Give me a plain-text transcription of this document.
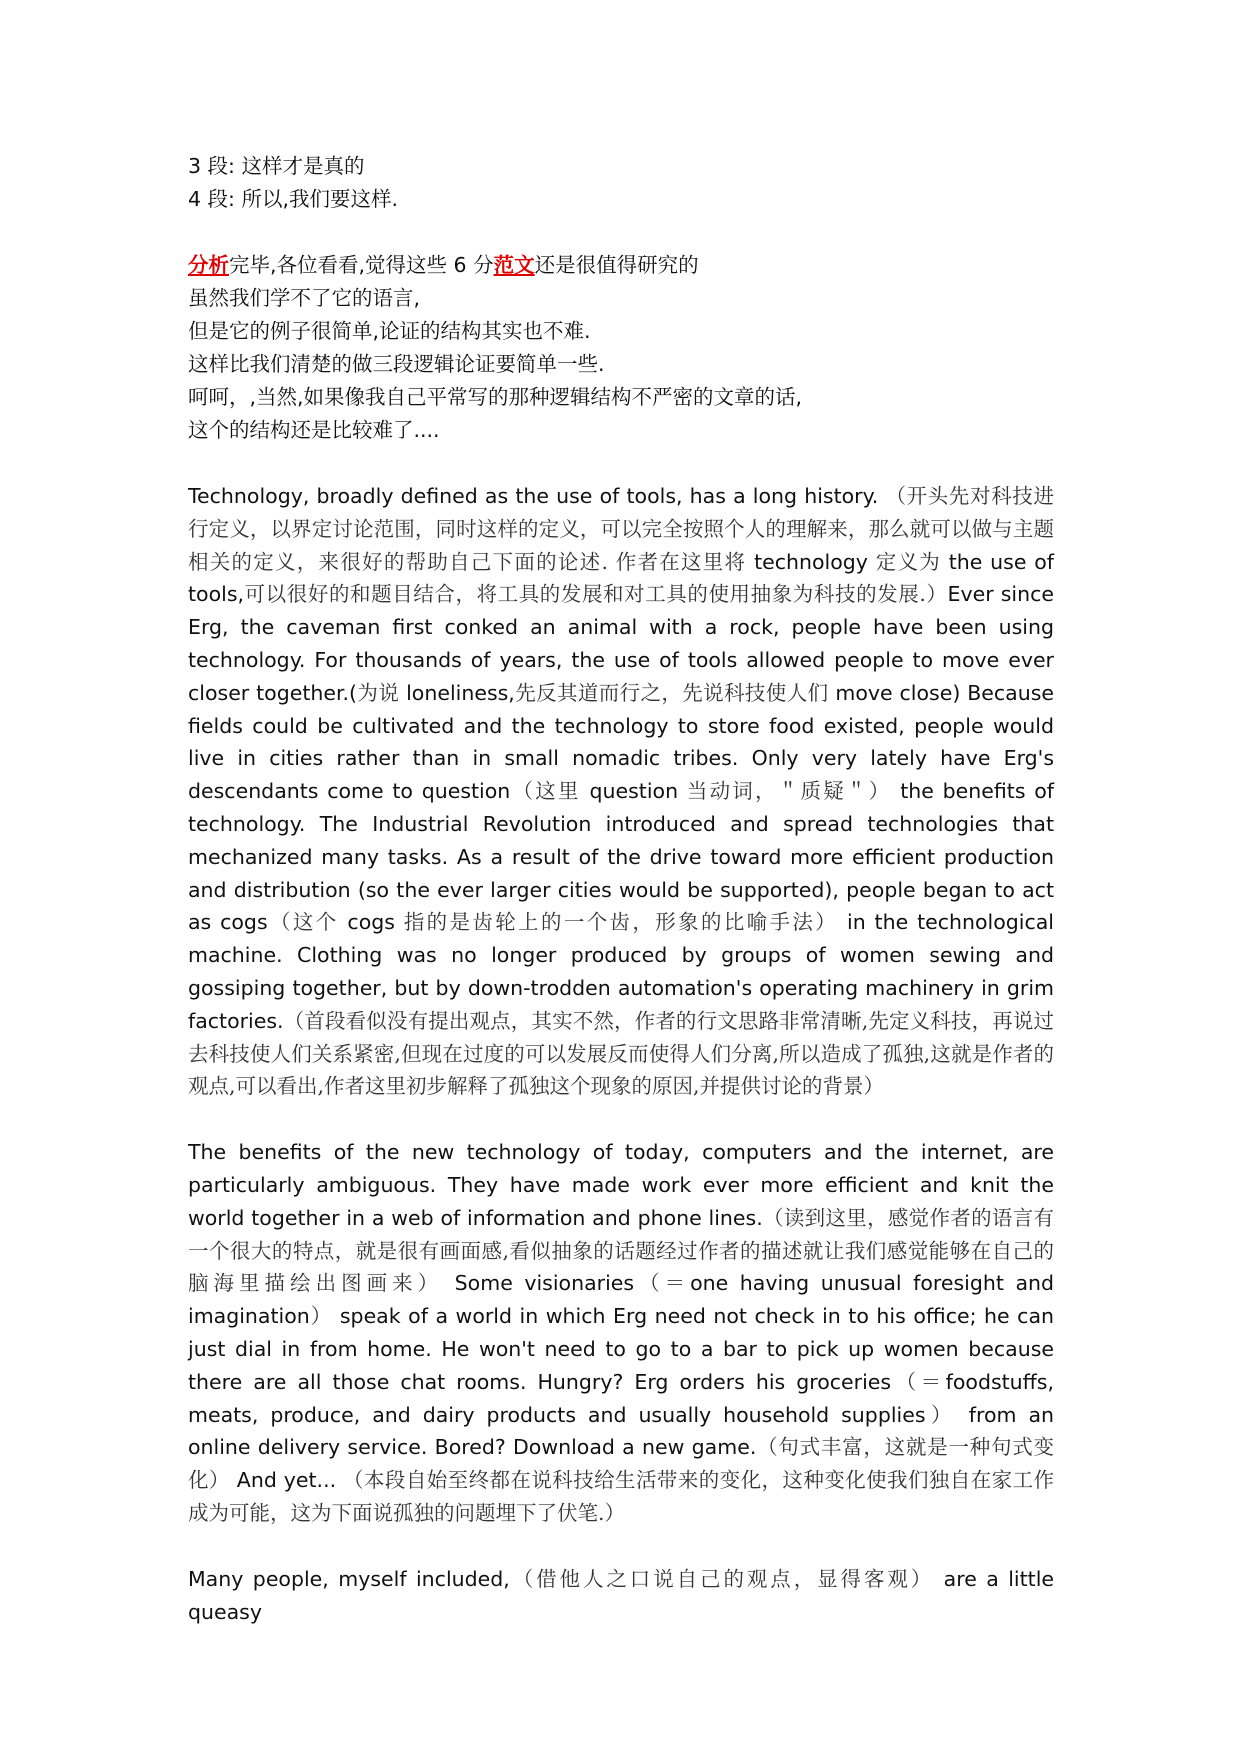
3 段: 这样才是真的

4 段: 所以,我们要这样.

分析完毕,各位看看,觉得这些 6 分范文还是很值得研究的

虽然我们学不了它的语言,

但是它的例子很简单,论证的结构其实也不难.

这样比我们清楚的做三段逻辑论证要简单一些.

呵呵，,当然,如果像我自己平常写的那种逻辑结构不严密的文章的话,

这个的结构还是比较难了....

Technology, broadly defined as the use of tools, has a long history. （开头先对科技进行定义，以界定讨论范围，同时这样的定义，可以完全按照个人的理解来，那么就可以做与主题相关的定义，来很好的帮助自己下面的论述. 作者在这里将 technology 定义为 the use of tools,可以很好的和题目结合，将工具的发展和对工具的使用抽象为科技的发展.）Ever since Erg, the caveman first conked an animal with a rock, people have been using technology. For thousands of years, the use of tools allowed people to move ever closer together.(为说 loneliness,先反其道而行之，先说科技使人们 move close) Because fields could be cultivated and the technology to store food existed, people would live in cities rather than in small nomadic tribes. Only very lately have Erg's descendants come to question（这里 question 当动词，＂质疑＂） the benefits of technology. The Industrial Revolution introduced and spread technologies that mechanized many tasks. As a result of the drive toward more efficient production and distribution (so the ever larger cities would be supported), people began to act as cogs（这个 cogs 指的是齿轮上的一个齿，形象的比喻手法） in the technological machine. Clothing was no longer produced by groups of women sewing and gossiping together, but by down-trodden automation's operating machinery in grim factories.（首段看似没有提出观点，其实不然，作者的行文思路非常清晰,先定义科技，再说过去科技使人们关系紧密,但现在过度的可以发展反而使得人们分离,所以造成了孤独,这就是作者的观点,可以看出,作者这里初步解释了孤独这个现象的原因,并提供讨论的背景）

The benefits of the new technology of today, computers and the internet, are particularly ambiguous. They have made work ever more efficient and knit the world together in a web of information and phone lines.（读到这里，感觉作者的语言有一个很大的特点，就是很有画面感,看似抽象的话题经过作者的描述就让我们感觉能够在自己的脑海里描绘出图画来） Some visionaries（＝one having unusual foresight and imagination） speak of a world in which Erg need not check in to his office; he can just dial in from home. He won't need to go to a bar to pick up women because there are all those chat rooms. Hungry? Erg orders his groceries（＝foodstuffs, meats, produce, and dairy products and usually household supplies） from an online delivery service. Bored? Download a new game.（句式丰富，这就是一种句式变化） And yet... （本段自始至终都在说科技给生活带来的变化，这种变化使我们独自在家工作成为可能，这为下面说孤独的问题埋下了伏笔.）

Many people, myself included,（借他人之口说自己的观点，显得客观） are a little queasy
